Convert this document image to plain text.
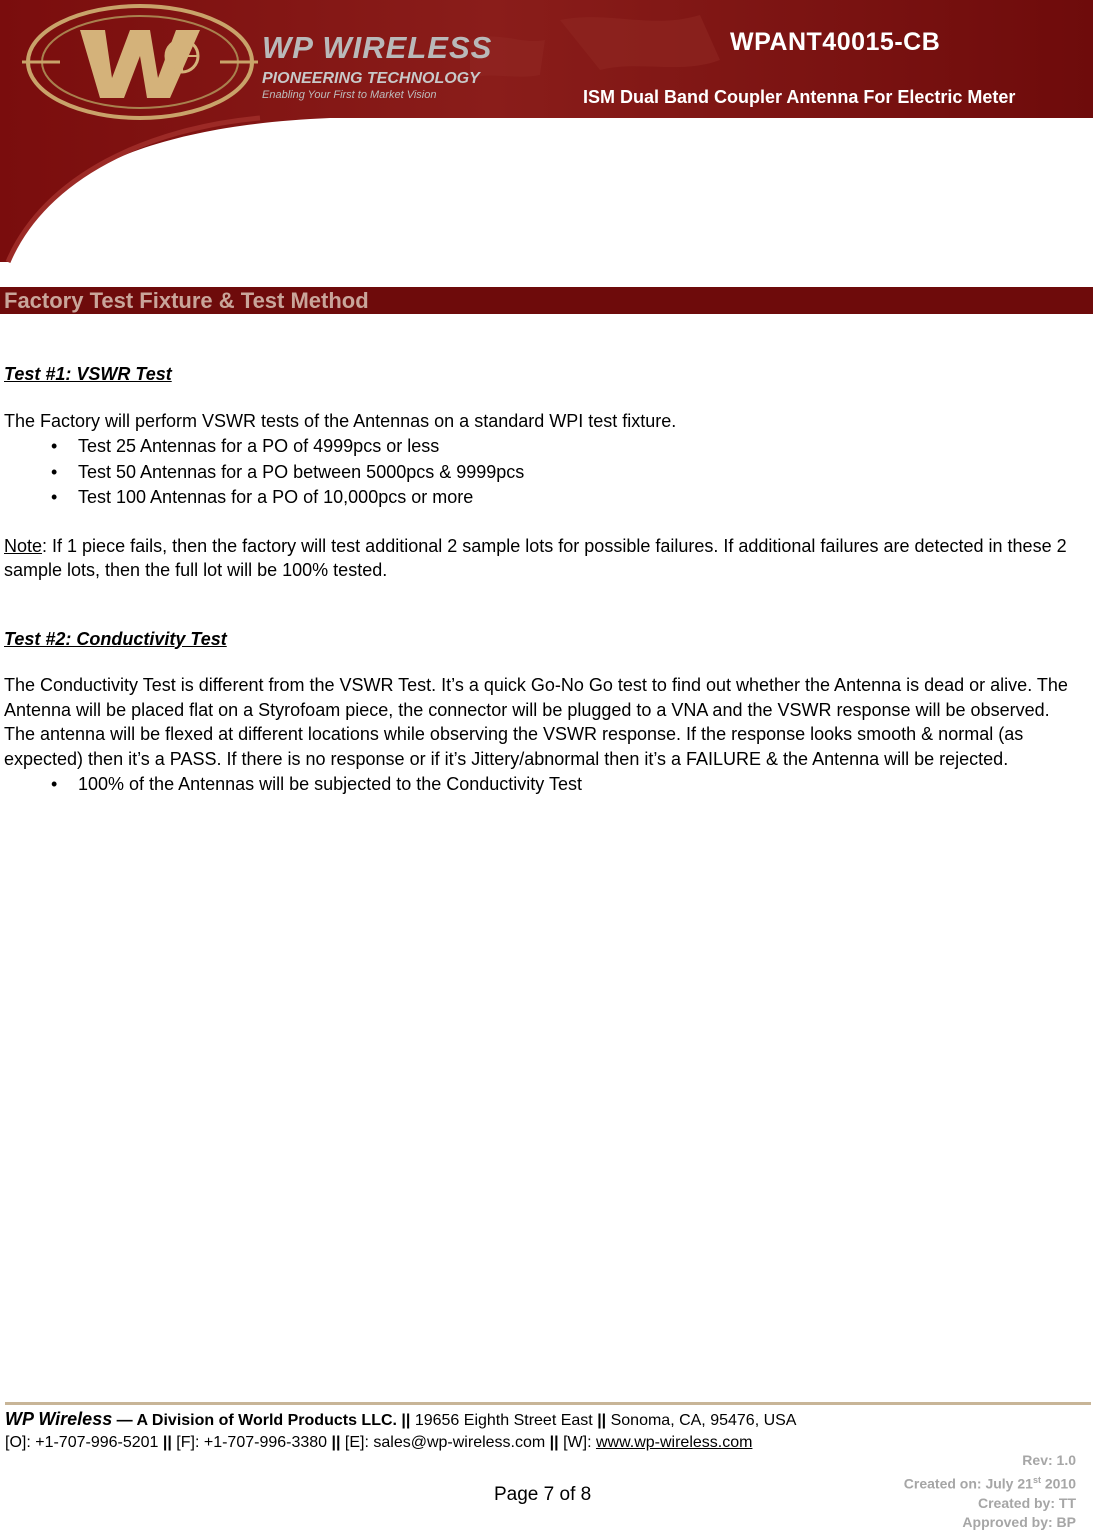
WP WIRELESS
PIONEERING TECHNOLOGY
Enabling Your First to Market Vision
WPANT40015-CB
ISM Dual Band Coupler Antenna For Electric Meter
Factory Test Fixture & Test Method

Test #1: VSWR Test

The Factory will perform VSWR tests of the Antennas on a standard WPI test fixture.

• Test 25 Antennas for a PO of 4999pcs or less
• Test 50 Antennas for a PO between 5000pcs & 9999pcs
• Test 100 Antennas for a PO of 10,000pcs or more

Note: If 1 piece fails, then the factory will test additional 2 sample lots for possible failures. If additional failures are detected in these 2 sample lots, then the full lot will be 100% tested.

Test #2: Conductivity Test

The Conductivity Test is different from the VSWR Test. It’s a quick Go-No Go test to find out whether the Antenna is dead or alive. The Antenna will be placed flat on a Styrofoam piece, the connector will be plugged to a VNA and the VSWR response will be observed. The antenna will be flexed at different locations while observing the VSWR response. If the response looks smooth & normal (as expected) then it’s a PASS. If there is no response or if it’s Jittery/abnormal then it’s a FAILURE & the Antenna will be rejected.

• 100% of the Antennas will be subjected to the Conductivity Test
WP Wireless — A Division of World Products LLC. || 19656 Eighth Street East || Sonoma, CA, 95476, USA
[O]: +1-707-996-5201 || [F]: +1-707-996-3380 || [E]: sales@wp-wireless.com || [W]: www.wp-wireless.com
Page 7 of 8
Rev: 1.0
Created on: July 21st 2010
Created by: TT
Approved by: BP
